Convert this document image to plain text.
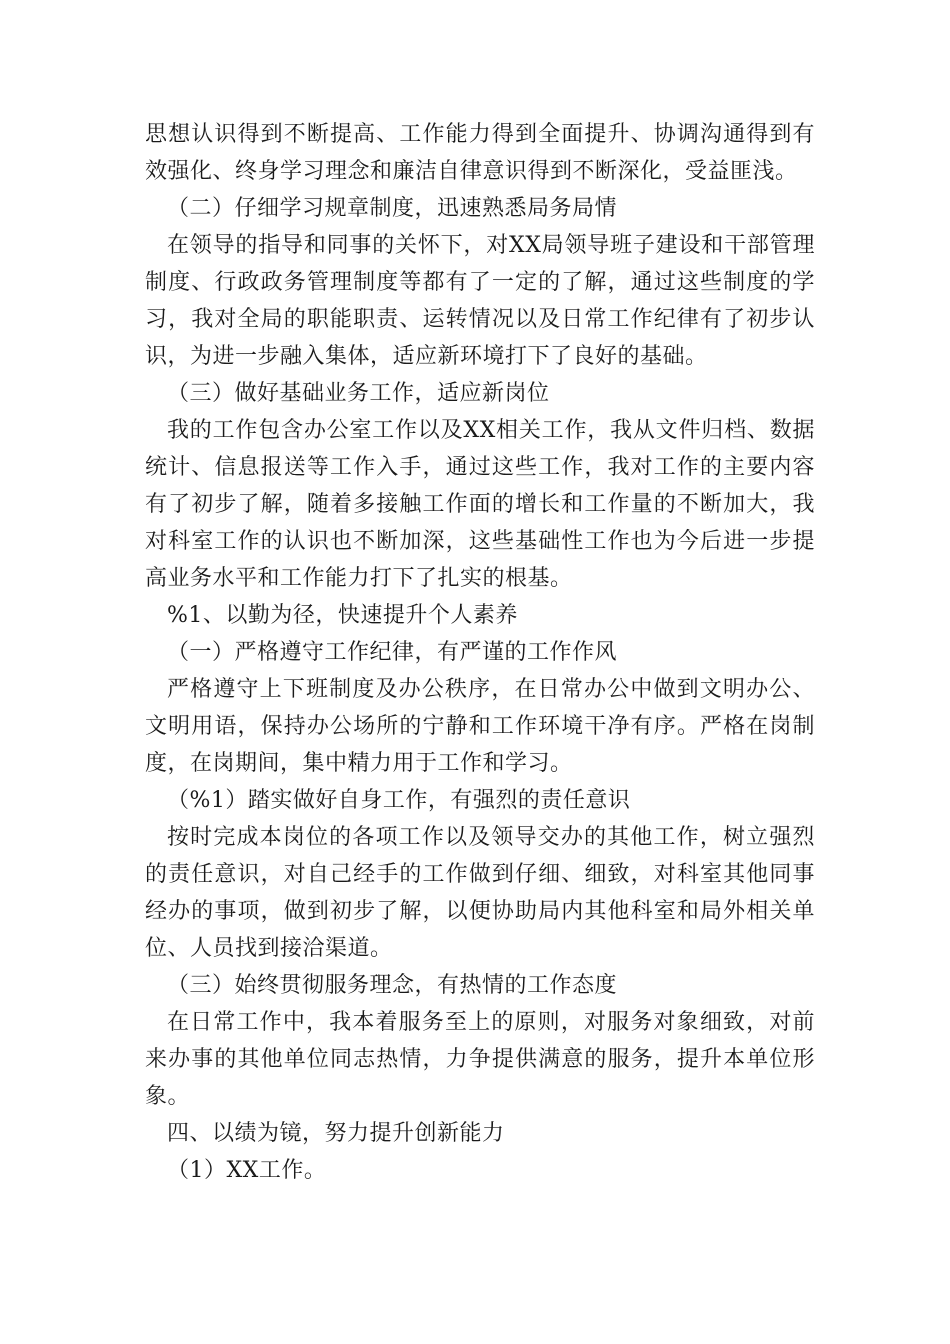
思想认识得到不断提高、工作能力得到全面提升、协调沟通得到有效强化、终身学习理念和廉洁自律意识得到不断深化，受益匪浅。

（二）仔细学习规章制度，迅速熟悉局务局情

在领导的指导和同事的关怀下，对XX局领导班子建设和干部管理制度、行政政务管理制度等都有了一定的了解，通过这些制度的学习，我对全局的职能职责、运转情况以及日常工作纪律有了初步认识，为进一步融入集体，适应新环境打下了良好的基础。

（三）做好基础业务工作，适应新岗位

我的工作包含办公室工作以及XX相关工作，我从文件归档、数据统计、信息报送等工作入手，通过这些工作，我对工作的主要内容有了初步了解，随着多接触工作面的增长和工作量的不断加大，我对科室工作的认识也不断加深，这些基础性工作也为今后进一步提高业务水平和工作能力打下了扎实的根基。

%1、以勤为径，快速提升个人素养

（一）严格遵守工作纪律，有严谨的工作作风

严格遵守上下班制度及办公秩序，在日常办公中做到文明办公、文明用语，保持办公场所的宁静和工作环境干净有序。严格在岗制度，在岗期间，集中精力用于工作和学习。

（%1）踏实做好自身工作，有强烈的责任意识

按时完成本岗位的各项工作以及领导交办的其他工作，树立强烈的责任意识，对自己经手的工作做到仔细、细致，对科室其他同事经办的事项，做到初步了解，以便协助局内其他科室和局外相关单位、人员找到接洽渠道。

（三）始终贯彻服务理念，有热情的工作态度

在日常工作中，我本着服务至上的原则，对服务对象细致，对前来办事的其他单位同志热情，力争提供满意的服务，提升本单位形象。

四、以绩为镜，努力提升创新能力

（1）XX工作。
